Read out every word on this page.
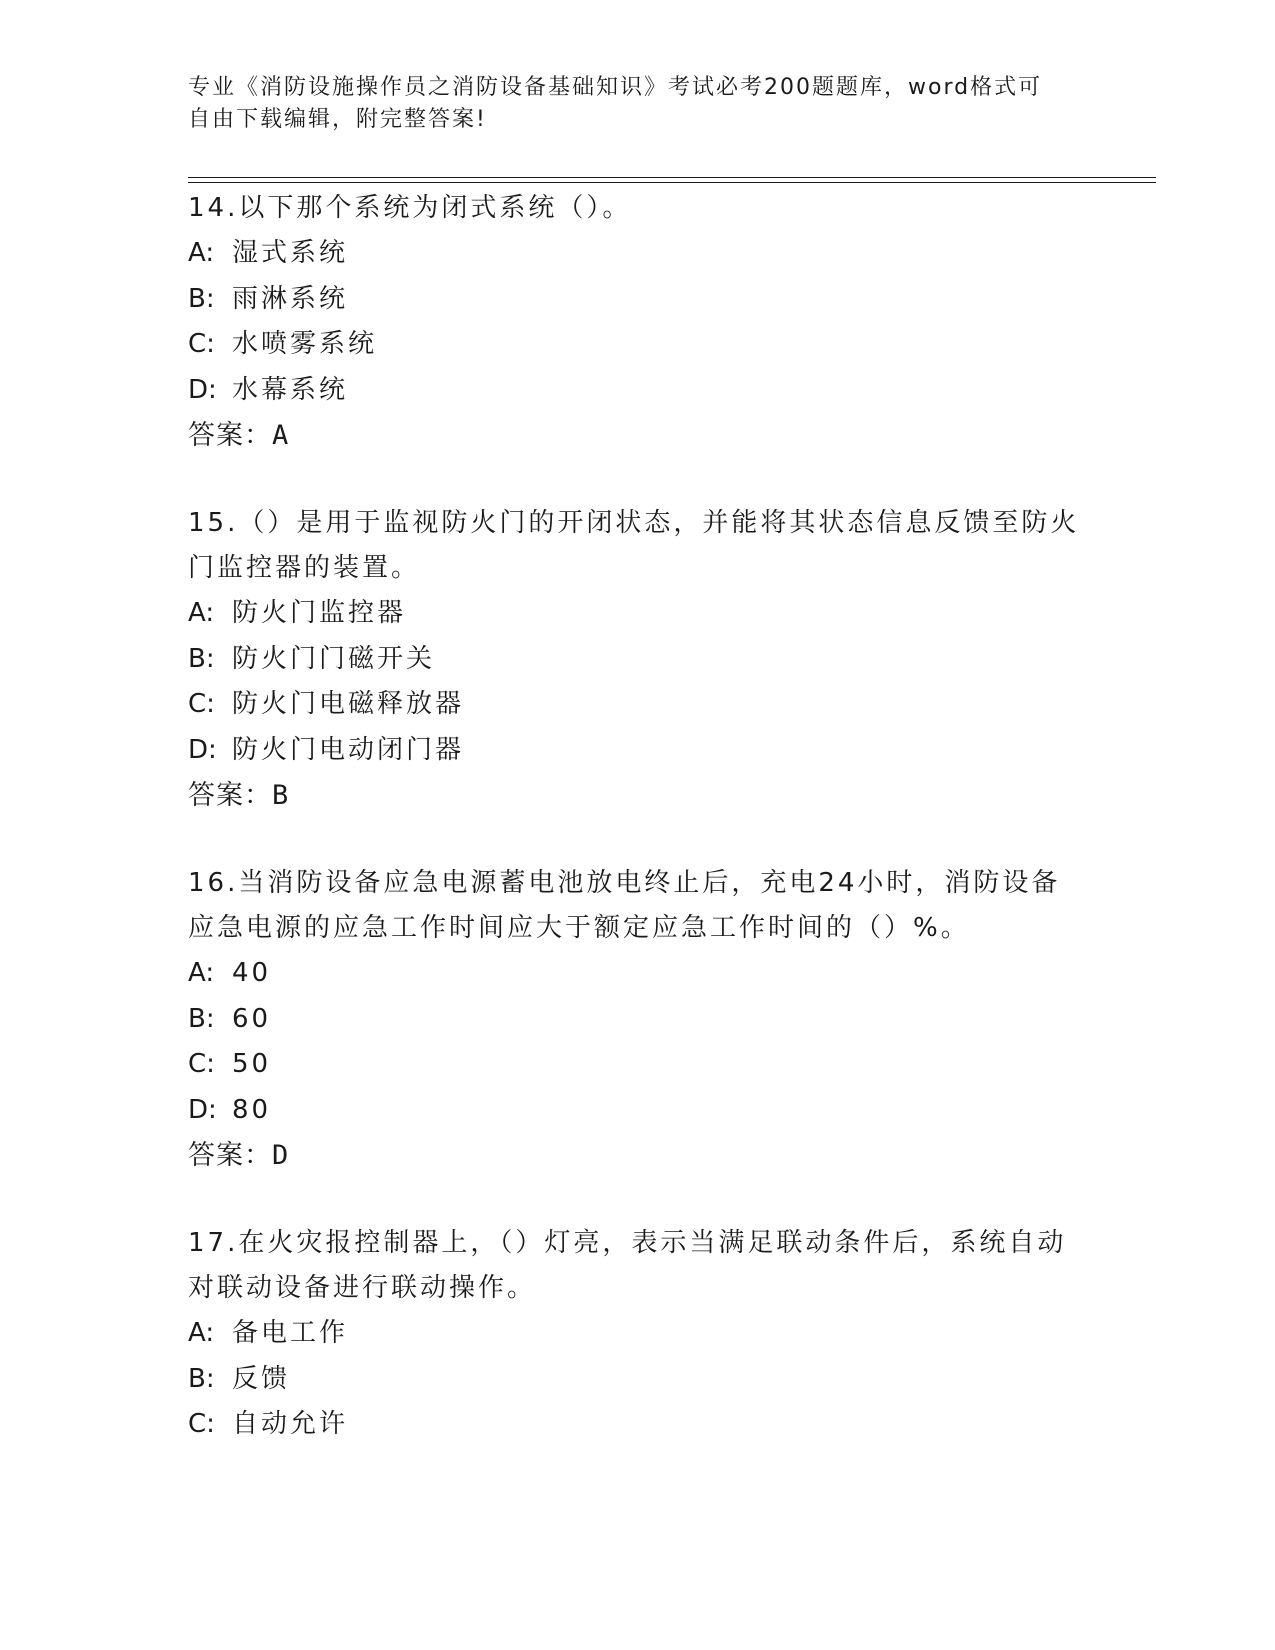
专业《消防设施操作员之消防设备基础知识》考试必考200题题库，word格式可
自由下载编辑，附完整答案!
14.以下那个系统为闭式系统（）。
A: 湿式系统
B: 雨淋系统
C: 水喷雾系统
D: 水幕系统
答案：A
15.（）是用于监视防火门的开闭状态，并能将其状态信息反馈至防火
门监控器的装置。
A: 防火门监控器
B: 防火门门磁开关
C: 防火门电磁释放器
D: 防火门电动闭门器
答案：B
16.当消防设备应急电源蓄电池放电终止后，充电24小时，消防设备
应急电源的应急工作时间应大于额定应急工作时间的（）%。
A: 40
B: 60
C: 50
D: 80
答案：D
17.在火灾报控制器上，（）灯亮，表示当满足联动条件后，系统自动
对联动设备进行联动操作。
A: 备电工作
B: 反馈
C: 自动允许
